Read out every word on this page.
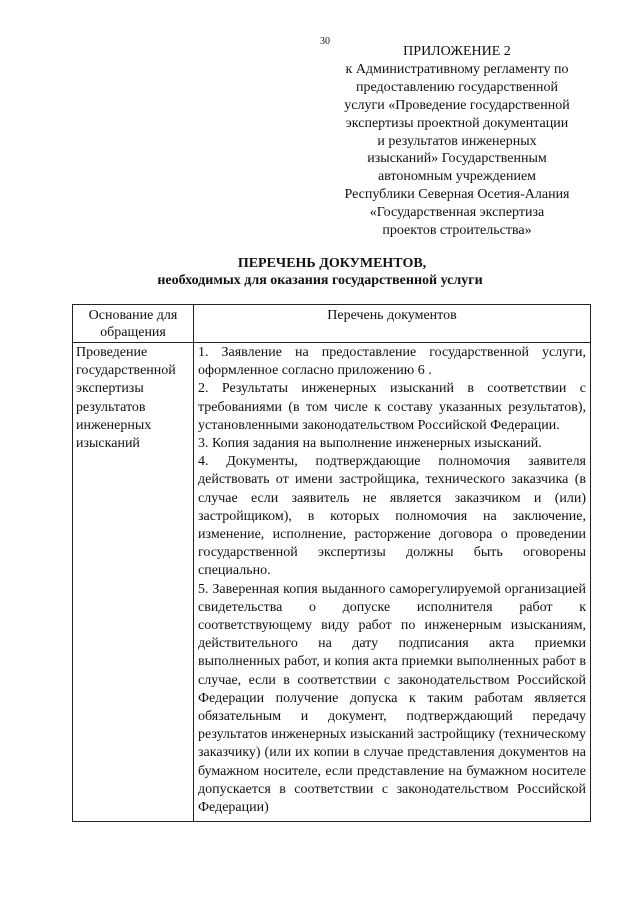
30
ПРИЛОЖЕНИЕ 2
к Административному регламенту по
предоставлению государственной
услуги «Проведение государственной
экспертизы проектной документации
и результатов инженерных
изысканий» Государственным
автономным учреждением
Республики Северная Осетия-Алания
«Государственная экспертиза
проектов строительства»
ПЕРЕЧЕНЬ ДОКУМЕНТОВ,
необходимых для оказания государственной услуги
Основание для обращения	Перечень документов
Проведение государственной экспертизы результатов инженерных изысканий	1. Заявление на предоставление государственной услуги, оформленное согласно приложению 6 .

2. Результаты инженерных изысканий в соответствии с требованиями (в том числе к составу указанных результатов), установленными законодательством Российской Федерации.

3. Копия задания на выполнение инженерных изысканий.

4. Документы, подтверждающие полномочия заявителя действовать от имени застройщика, технического заказчика (в случае если заявитель не является заказчиком и (или) застройщиком), в которых полномочия на заключение, изменение, исполнение, расторжение договора о проведении государственной экспертизы должны быть оговорены специально.

5. Заверенная копия выданного саморегулируемой организацией свидетельства о допуске исполнителя работ к соответствующему виду работ по инженерным изысканиям, действительного на дату подписания акта приемки выполненных работ, и копия акта приемки выполненных работ в случае, если в соответствии с законодательством Российской Федерации получение допуска к таким работам является обязательным и документ, подтверждающий передачу результатов инженерных изысканий застройщику (техническому заказчику) (или их копии в случае представления документов на бумажном носителе, если представление на бумажном носителе допускается в соответствии с законодательством Российской Федерации)
